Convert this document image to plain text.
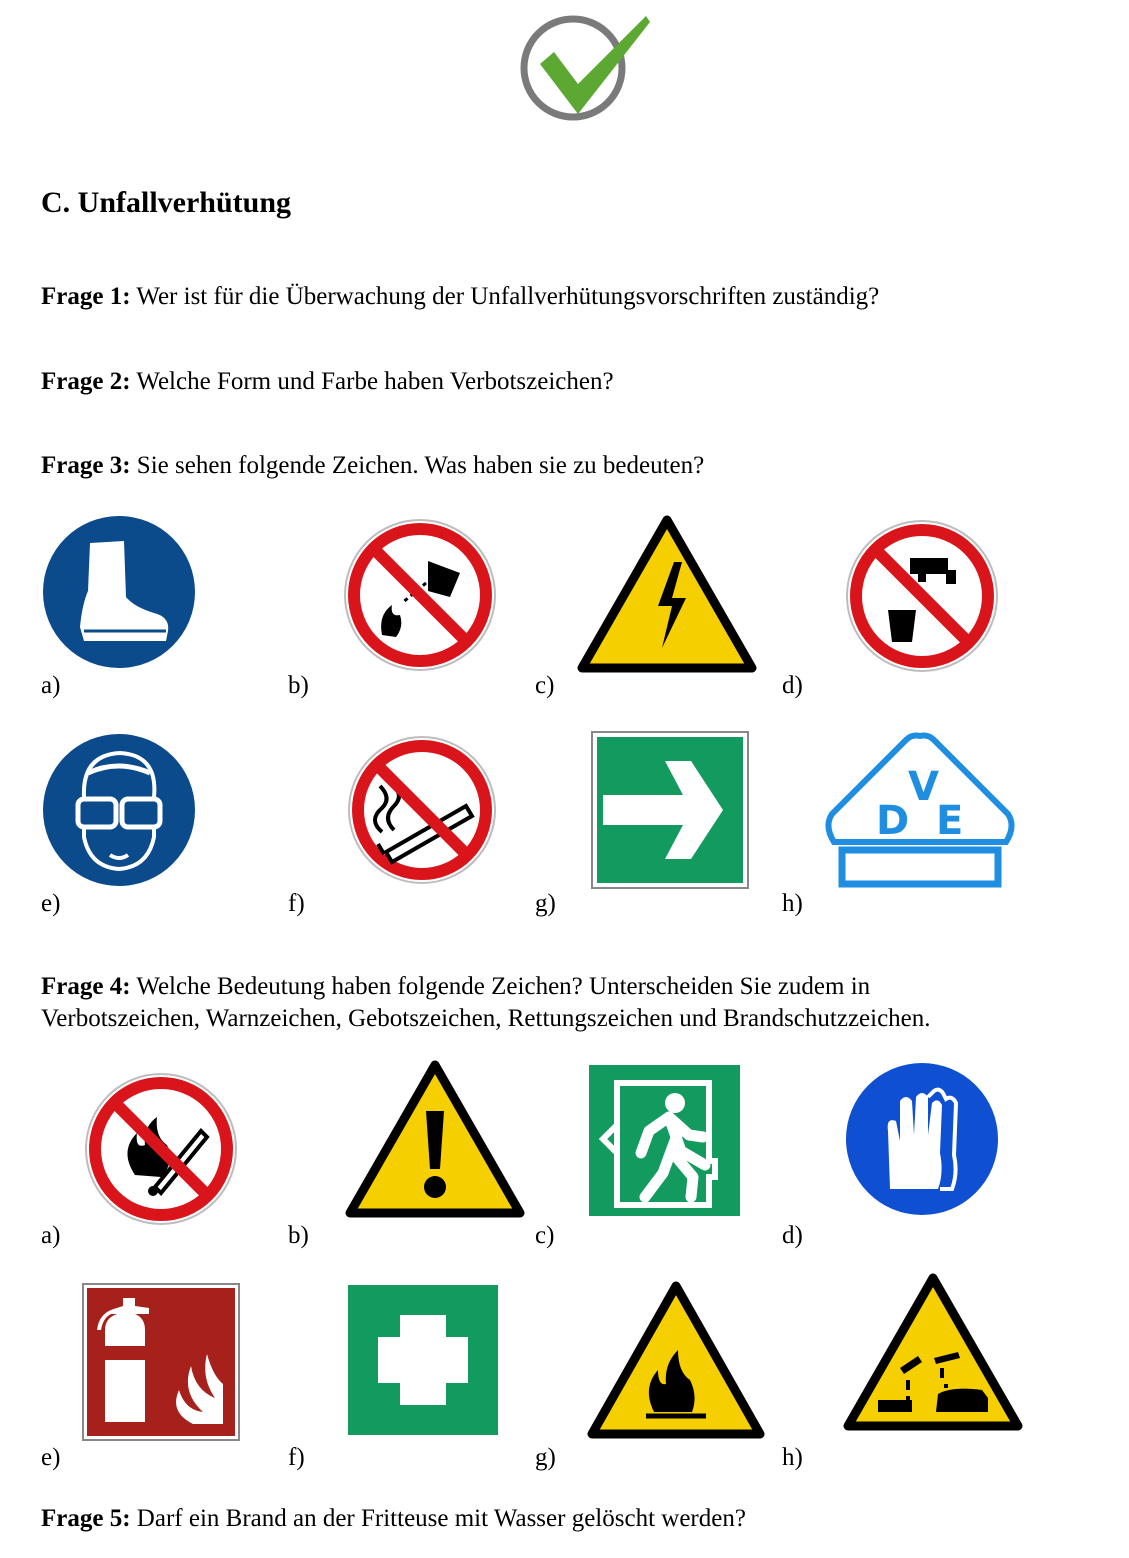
C. Unfallverhütung

Frage 1: Wer ist für die Überwachung der Unfallverhütungsvorschriften zuständig?

Frage 2: Welche Form und Farbe haben Verbotszeichen?

Frage 3: Sie sehen folgende Zeichen. Was haben sie zu bedeuten?

a)	b)	c)	d)
D
V
E
e)	f)	g)	h)

Frage 4: Welche Bedeutung haben folgende Zeichen? Unterscheiden Sie zudem in
Verbotszeichen, Warnzeichen, Gebotszeichen, Rettungszeichen und Brandschutzzeichen.

a)	b)	c)	d)
e)	f)	g)	h)

Frage 5: Darf ein Brand an der Fritteuse mit Wasser gelöscht werden?
